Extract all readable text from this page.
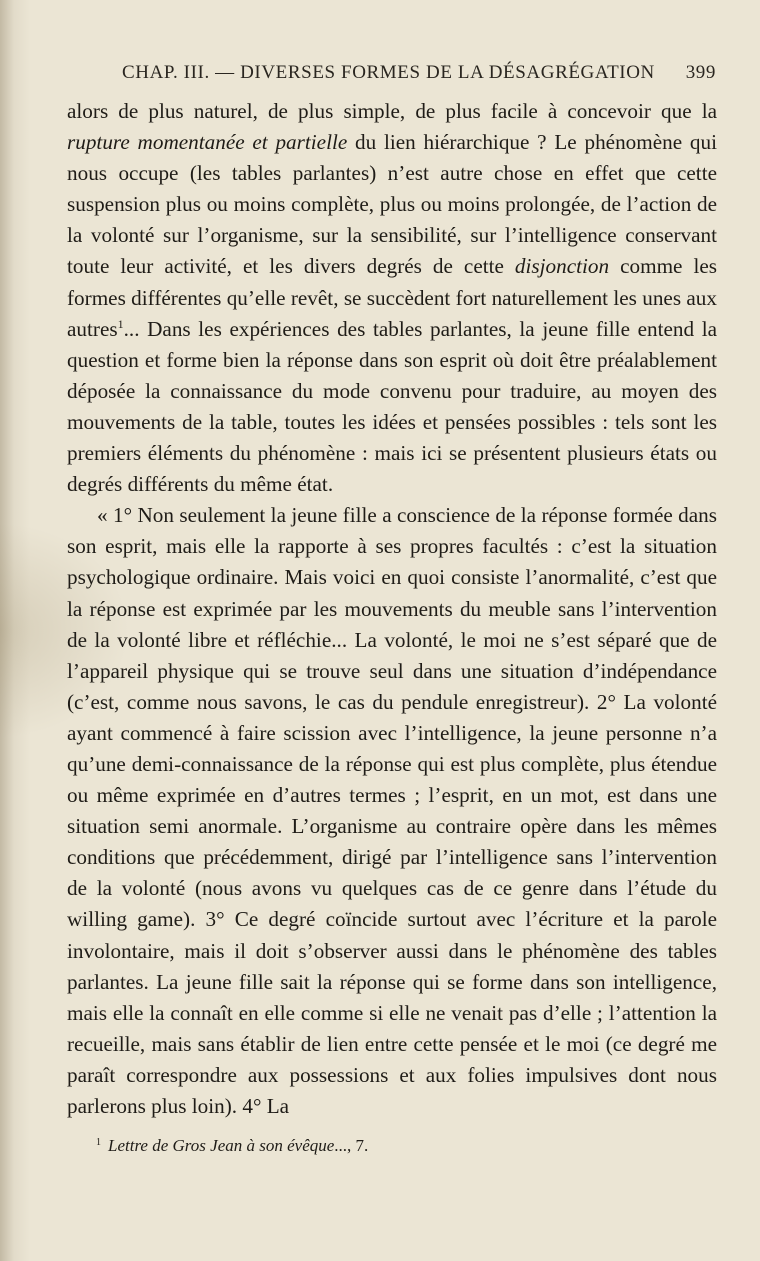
CHAP. III. — DIVERSES FORMES DE LA DÉSAGRÉGATION 399

alors de plus naturel, de plus simple, de plus facile à concevoir que la rupture momentanée et partielle du lien hiérarchique ? Le phénomène qui nous occupe (les tables parlantes) n’est autre chose en effet que cette suspension plus ou moins complète, plus ou moins prolongée, de l’action de la volonté sur l’organisme, sur la sensibilité, sur l’intelligence conservant toute leur activité, et les divers degrés de cette disjonction comme les formes différentes qu’elle revêt, se succèdent fort naturellement les unes aux autres$^1$... Dans les expériences des tables parlantes, la jeune fille entend la question et forme bien la réponse dans son esprit où doit être préalablement déposée la connaissance du mode convenu pour traduire, au moyen des mouvements de la table, toutes les idées et pensées possibles : tels sont les premiers éléments du phénomène : mais ici se présentent plusieurs états ou degrés différents du même état.

« 1° Non seulement la jeune fille a conscience de la réponse formée dans son esprit, mais elle la rapporte à ses propres facultés : c’est la situation psychologique ordinaire. Mais voici en quoi consiste l’anormalité, c’est que la réponse est exprimée par les mouvements du meuble sans l’intervention de la volonté libre et réfléchie... La volonté, le moi ne s’est séparé que de l’appareil physique qui se trouve seul dans une situation d’indépendance (c’est, comme nous savons, le cas du pendule enregistreur). 2° La volonté ayant commencé à faire scission avec l’intelligence, la jeune personne n’a qu’une demi-connaissance de la réponse qui est plus complète, plus étendue ou même exprimée en d’autres termes ; l’esprit, en un mot, est dans une situation semi anormale. L’organisme au contraire opère dans les mêmes conditions que précédemment, dirigé par l’intelligence sans l’intervention de la volonté (nous avons vu quelques cas de ce genre dans l’étude du willing game). 3° Ce degré coïncide surtout avec l’écriture et la parole involontaire, mais il doit s’observer aussi dans le phénomène des tables parlantes. La jeune fille sait la réponse qui se forme dans son intelligence, mais elle la connaît en elle comme si elle ne venait pas d’elle ; l’attention la recueille, mais sans établir de lien entre cette pensée et le moi (ce degré me paraît correspondre aux possessions et aux folies impulsives dont nous parlerons plus loin). 4° La

$^1$ Lettre de Gros Jean à son évêque..., 7.
